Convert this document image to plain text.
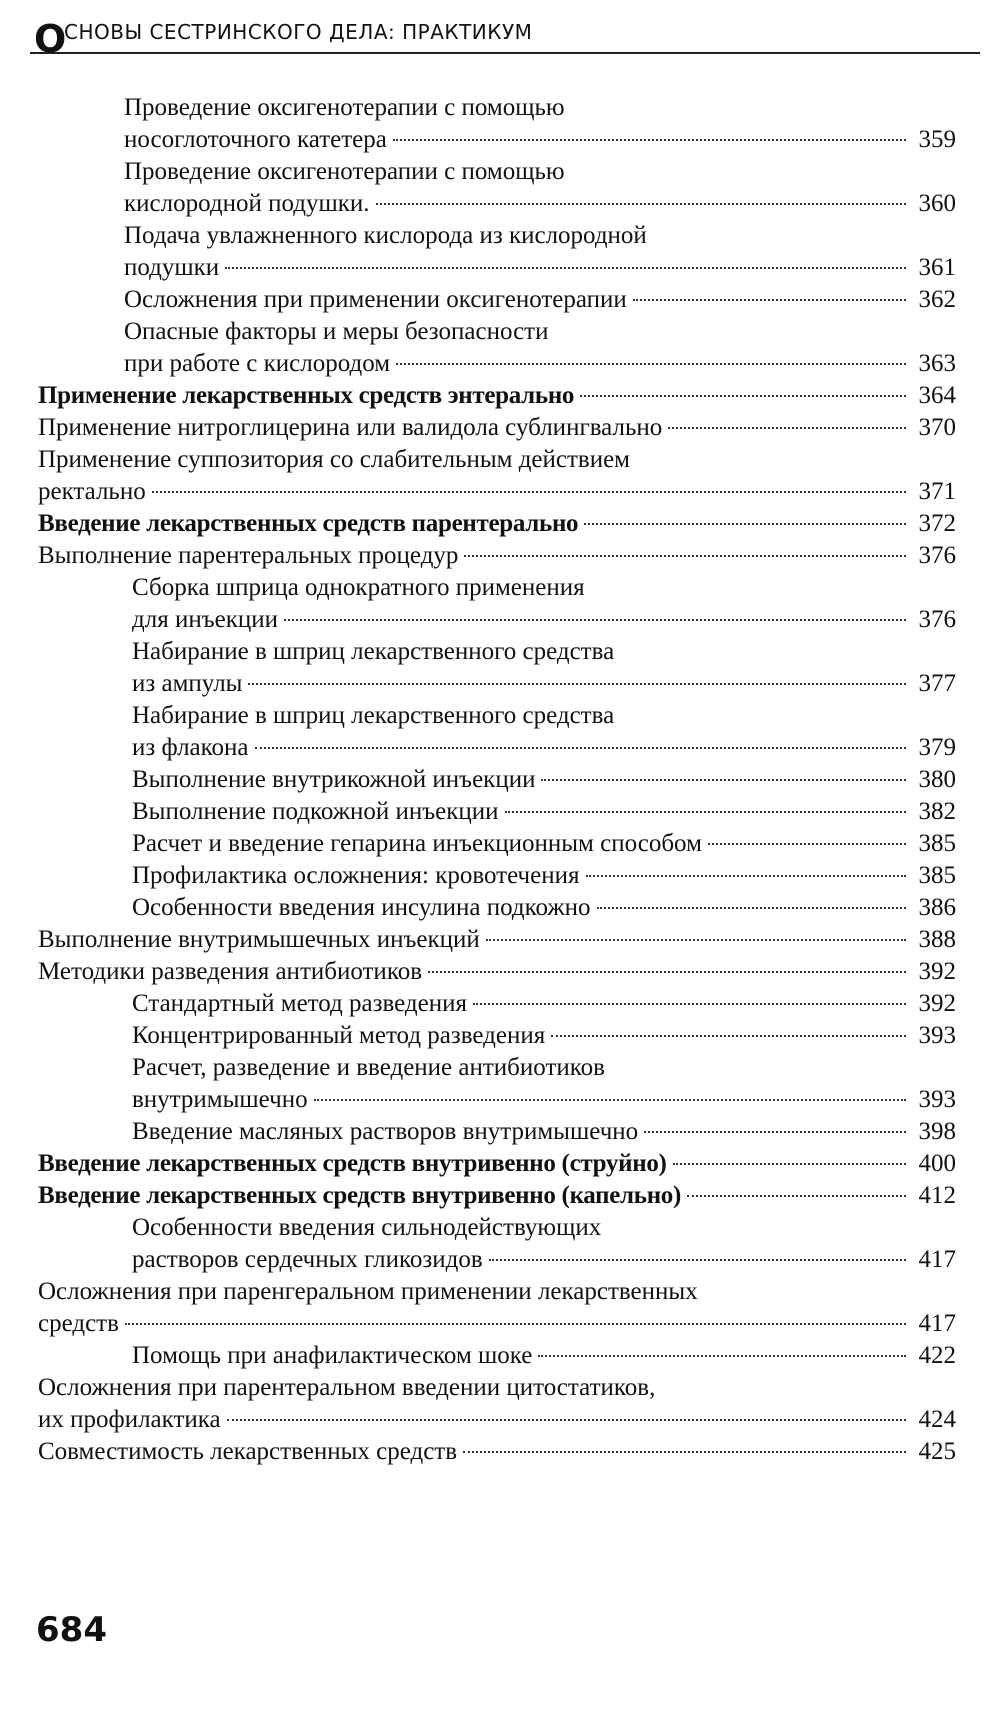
О
СНОВЫ СЕСТРИНСКОГО ДЕЛА: ПРАКТИКУМ
Проведение оксигенотерапии с помощью
носоглоточного катетера	359
Проведение оксигенотерапии с помощью
кислородной подушки.	360
Подача увлажненного кислорода из кислородной
подушки	361
Осложнения при применении оксигенотерапии	362
Опасные факторы и меры безопасности
при работе с кислородом	363
Применение лекарственных средств энтерально	364
Применение нитроглицерина или валидола сублингвально	370
Применение суппозитория со слабительным действием
ректально	371
Введение лекарственных средств парентерально	372
Выполнение парентеральных процедур	376
Сборка шприца однократного применения
для инъекции	376
Набирание в шприц лекарственного средства
из ампулы	377
Набирание в шприц лекарственного средства
из флакона	379
Выполнение внутрикожной инъекции	380
Выполнение подкожной инъекции	382
Расчет и введение гепарина инъекционным способом	385
Профилактика осложнения: кровотечения	385
Особенности введения инсулина подкожно	386
Выполнение внутримышечных инъекций	388
Методики разведения антибиотиков	392
Стандартный метод разведения	392
Концентрированный метод разведения	393
Расчет, разведение и введение антибиотиков
внутримышечно	393
Введение масляных растворов внутримышечно	398
Введение лекарственных средств внутривенно (струйно)	400
Введение лекарственных средств внутривенно (капельно)	412
Особенности введения сильнодействующих
растворов сердечных гликозидов	417
Осложнения при паренгеральном применении лекарственных
средств	417
Помощь при анафилактическом шоке	422
Осложнения при парентеральном введении цитостатиков,
их профилактика	424
Совместимость лекарственных средств	425
684
